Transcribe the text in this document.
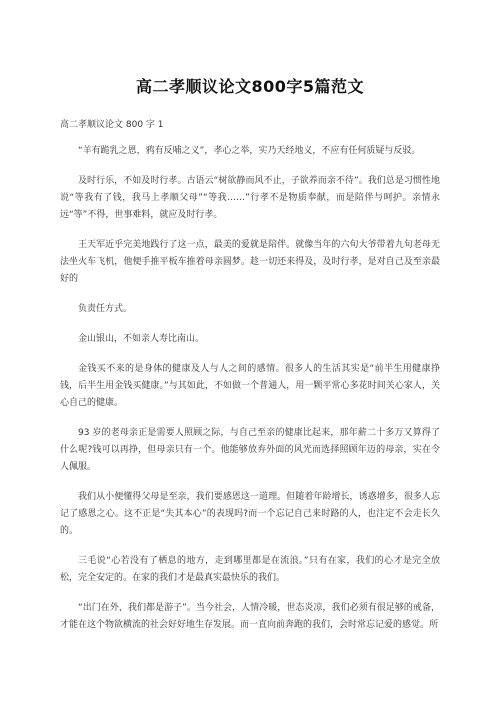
高二孝顺议论文800字5篇范文

高二孝顺议论文 800 字 1

“羊有跪乳之恩，鸦有反哺之义”，孝心之举，实乃天经地义，不应有任何质疑与反驳。

及时行乐，不如及时行孝。古语云“树欲静而风不止，子欲养而亲不待”。我们总是习惯性地说“等我有了钱，我马上孝顺父母”“等我……”行孝不是物质奉献，而是陪伴与呵护。亲情永远“等”不得，世事难料，就应及时行孝。

王天军近乎完美地践行了这一点，最美的爱就是陪伴。就像当年的六旬大爷带着九旬老母无法坐火车飞机，他便手推平板车推着母亲圆梦。趁一切还来得及，及时行孝，是对自己及至亲最好的

负责任方式。

金山银山，不如亲人寿比南山。

金钱买不来的是身体的健康及人与人之间的感情。很多人的生活其实是“前半生用健康挣钱，后半生用金钱买健康。”与其如此，不如做一个普通人，用一颗平常心多花时间关心家人，关心自己的健康。

93 岁的老母亲正是需要人照顾之际，与自己至亲的健康比起来，那年薪二十多万又算得了什么呢?钱可以再挣，但母亲只有一个。他能够放弃外面的风光而选择照顾年迈的母亲，实在令人佩服。

我们从小便懂得父母是至亲，我们要感恩这一道理。但随着年龄增长，诱惑增多，很多人忘记了感恩之心。这不正是“失其本心”的表现吗?而一个忘记自己来时路的人，也注定不会走长久的。

三毛说“心若没有了栖息的地方，走到哪里都是在流浪。”只有在家，我们的心才是完全放松，完全安定的。在家的我们才是最真实最快乐的我们。

“出门在外，我们都是游子”。当今社会，人情冷暖，世态炎凉，我们必须有很足够的戒备，才能在这个物欲横流的社会好好地生存发展。而一直向前奔跑的我们，会时常忘记爱的感觉。所
